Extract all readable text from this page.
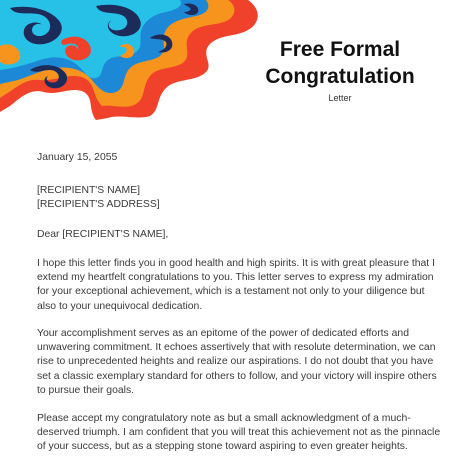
Free Formal
Congratulation
Letter

January 15, 2055

[RECIPIENT'S NAME]

[RECIPIENT'S ADDRESS]

Dear [RECIPIENT'S NAME],

I hope this letter finds you in good health and high spirits. It is with great pleasure that I extend my heartfelt congratulations to you. This letter serves to express my admiration for your exceptional achievement, which is a testament not only to your diligence but also to your unequivocal dedication.

Your accomplishment serves as an epitome of the power of dedicated efforts and unwavering commitment. It echoes assertively that with resolute determination, we can rise to unprecedented heights and realize our aspirations. I do not doubt that you have set a classic exemplary standard for others to follow, and your victory will inspire others to pursue their goals.

Please accept my congratulatory note as but a small acknowledgment of a much-deserved triumph. I am confident that you will treat this achievement not as the pinnacle of your success, but as a stepping stone toward aspiring to even greater heights.
